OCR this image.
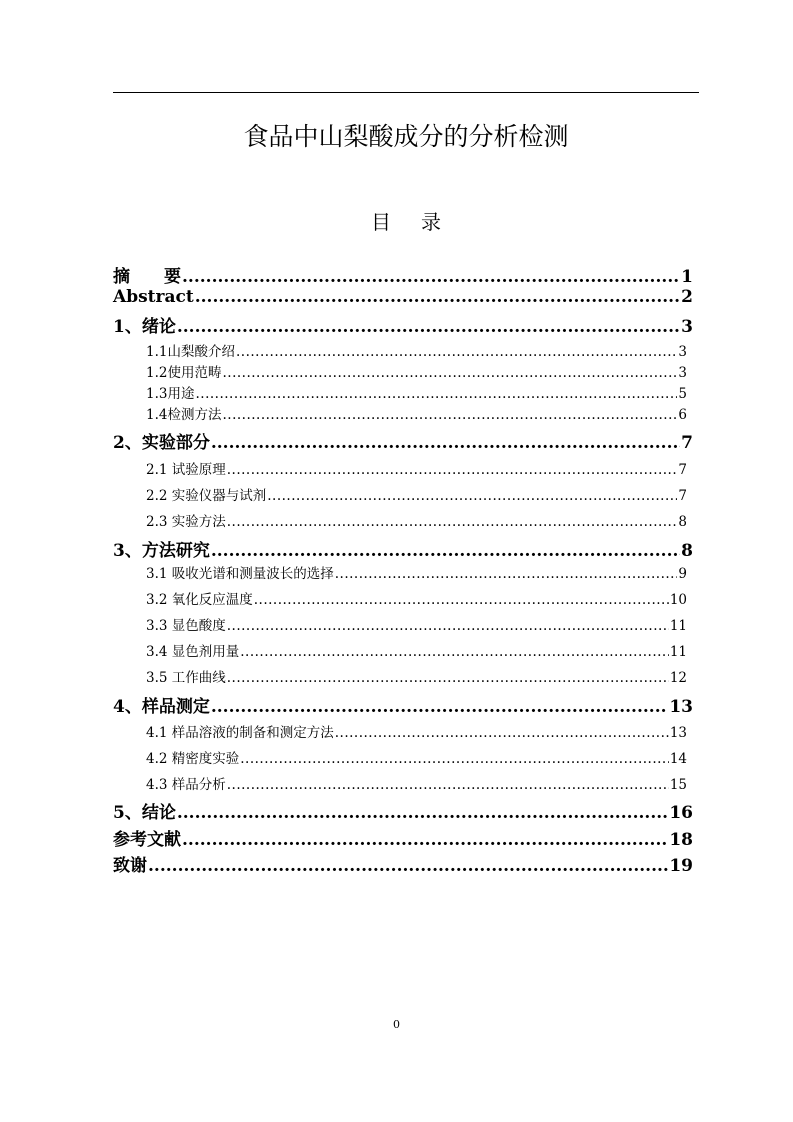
食品中山梨酸成分的分析检测
目 录
摘　　要 .....	1
Abstract .....	2
1、绪论 .....	3
1.1山梨酸介绍 .....	3
1.2使用范畴 .....	3
1.3用途 .....	5
1.4检测方法 .....	6
2、实验部分 .....	7
2.1 试验原理 .....	7
2.2 实验仪器与试剂 .....	7
2.3 实验方法 .....	8
3、方法研究 .....	8
3.1 吸收光谱和测量波长的选择 .....	9
3.2 氧化反应温度 .....	10
3.3 显色酸度 .....	11
3.4 显色剂用量 .....	11
3.5 工作曲线 .....	12
4、样品测定 .....	13
4.1 样品溶液的制备和测定方法 .....	13
4.2 精密度实验 .....	14
4.3 样品分析 .....	15
5、结论 .....	16
参考文献 .....	18
致谢 .....	19
0
